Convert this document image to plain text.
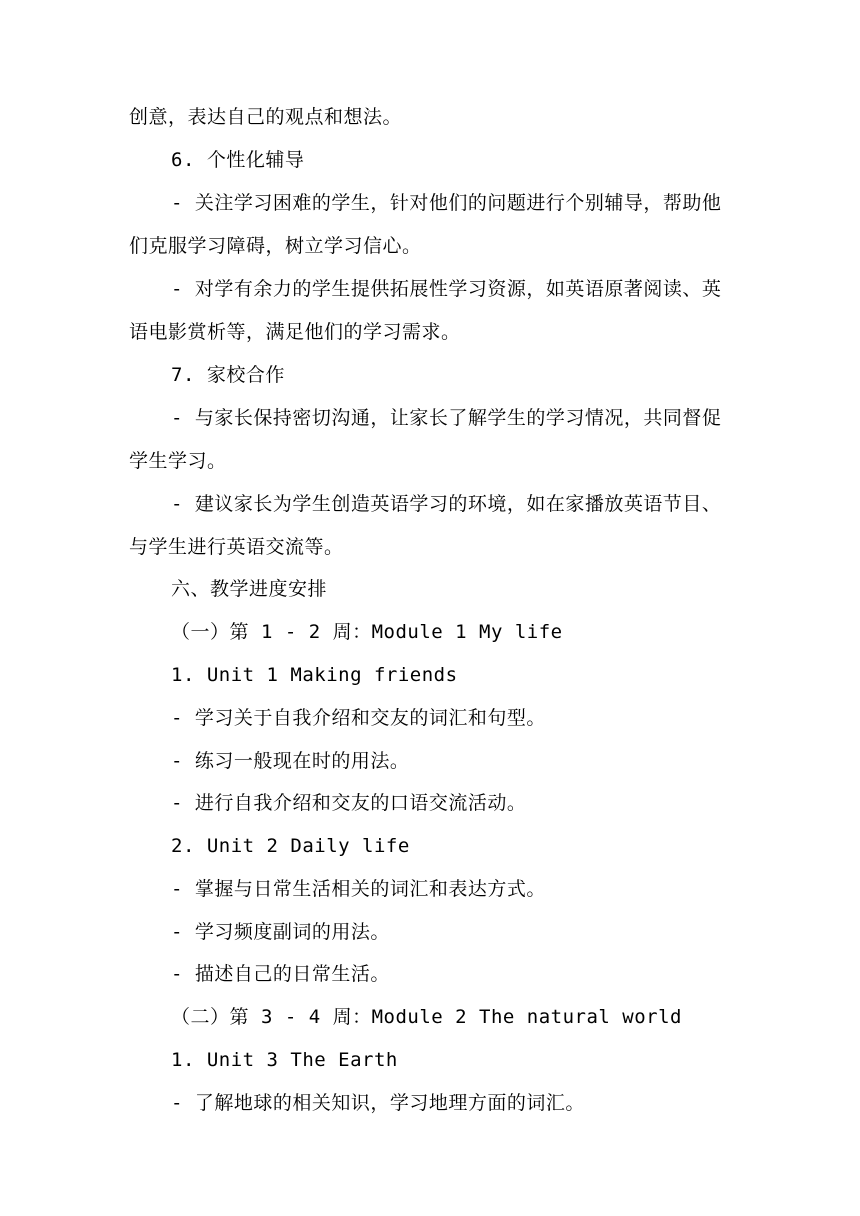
创意，表达自己的观点和想法。
6. 个性化辅导
- 关注学习困难的学生，针对他们的问题进行个别辅导，帮助他
们克服学习障碍，树立学习信心。
- 对学有余力的学生提供拓展性学习资源，如英语原著阅读、英
语电影赏析等，满足他们的学习需求。
7. 家校合作
- 与家长保持密切沟通，让家长了解学生的学习情况，共同督促
学生学习。
- 建议家长为学生创造英语学习的环境，如在家播放英语节目、
与学生进行英语交流等。
六、教学进度安排
（一）第 1 - 2 周：Module 1 My life
1. Unit 1 Making friends
- 学习关于自我介绍和交友的词汇和句型。
- 练习一般现在时的用法。
- 进行自我介绍和交友的口语交流活动。
2. Unit 2 Daily life
- 掌握与日常生活相关的词汇和表达方式。
- 学习频度副词的用法。
- 描述自己的日常生活。
（二）第 3 - 4 周：Module 2 The natural world
1. Unit 3 The Earth
- 了解地球的相关知识，学习地理方面的词汇。
